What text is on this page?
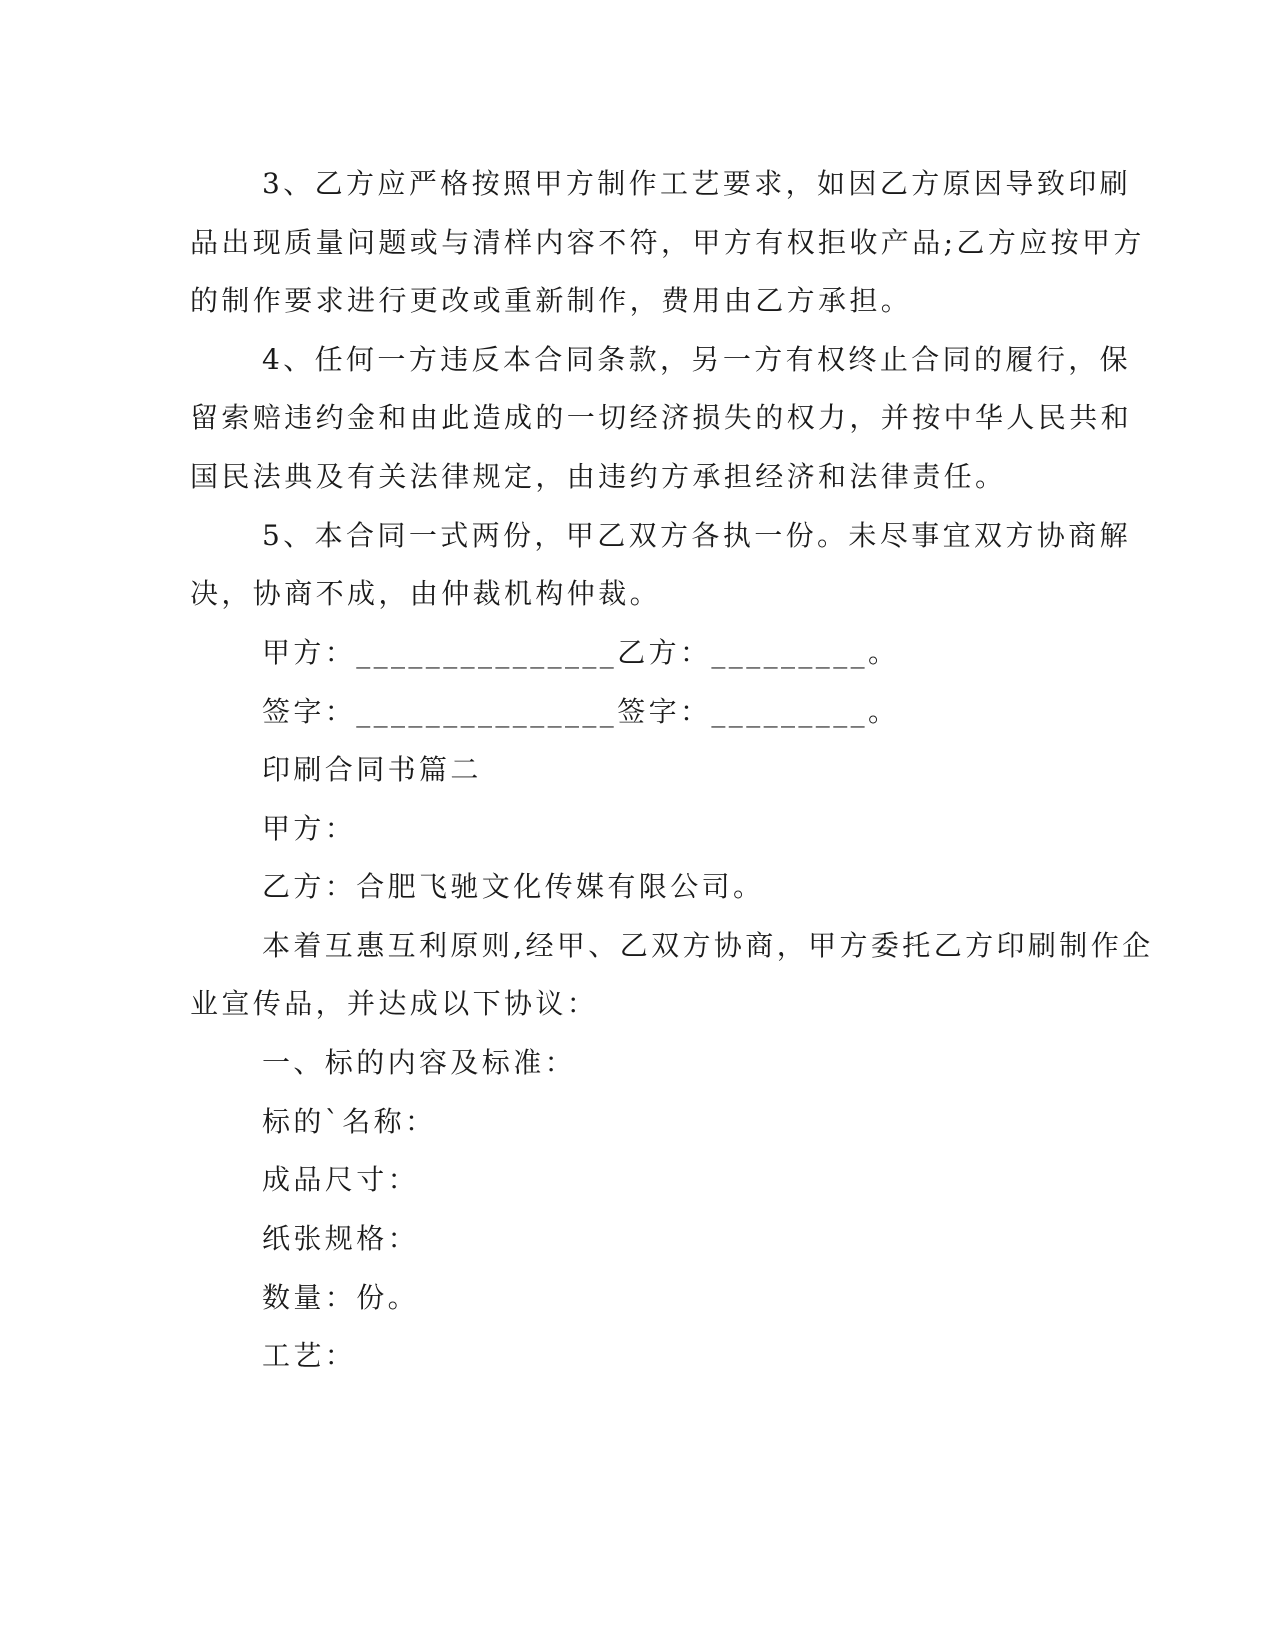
3、乙方应严格按照甲方制作工艺要求，如因乙方原因导致印刷
品出现质量问题或与清样内容不符，甲方有权拒收产品;乙方应按甲方
的制作要求进行更改或重新制作，费用由乙方承担。
4、任何一方违反本合同条款，另一方有权终止合同的履行，保
留索赔违约金和由此造成的一切经济损失的权力，并按中华人民共和
国民法典及有关法律规定，由违约方承担经济和法律责任。
5、本合同一式两份，甲乙双方各执一份。未尽事宜双方协商解
决，协商不成，由仲裁机构仲裁。
甲方：_______________乙方：_________。
签字：_______________签字：_________。
印刷合同书篇二
甲方：
乙方：合肥飞驰文化传媒有限公司。
本着互惠互利原则,经甲、乙双方协商，甲方委托乙方印刷制作企
业宣传品，并达成以下协议：
一、标的内容及标准：
标的`名称：
成品尺寸：
纸张规格：
数量：份。
工艺：
